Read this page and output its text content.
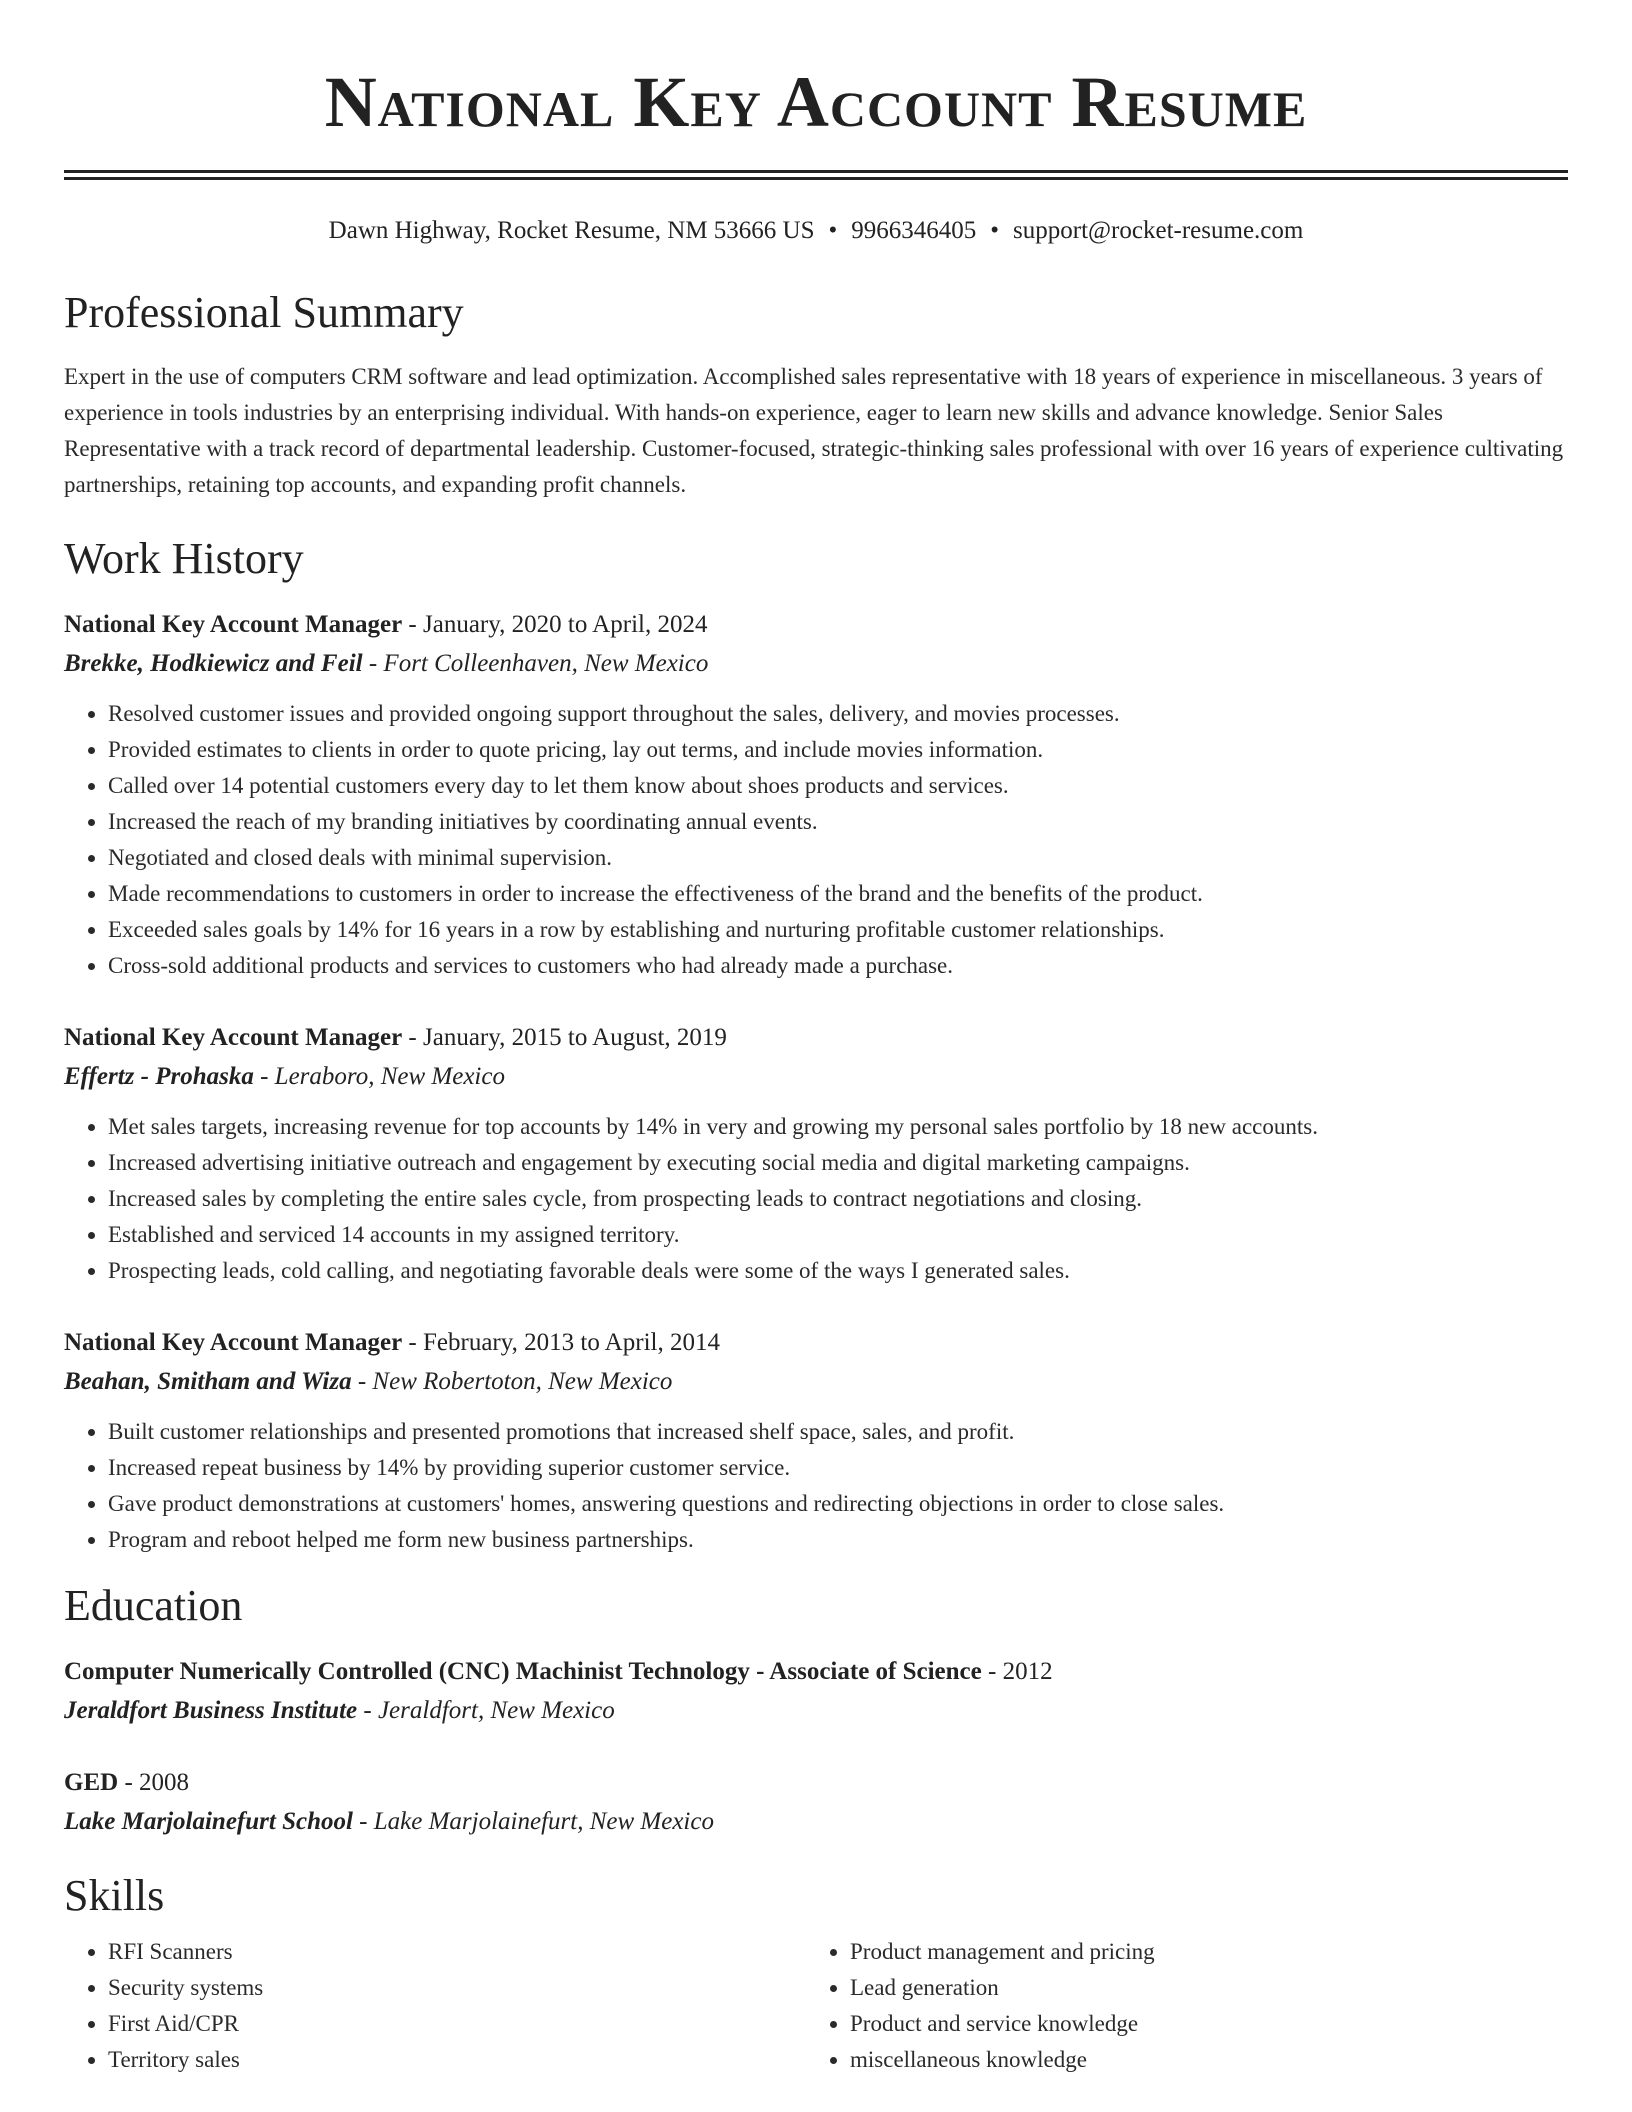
National Key Account Resume
Dawn Highway, Rocket Resume, NM 53666 US • 9966346405 • support@rocket-resume.com
Professional Summary

Expert in the use of computers CRM software and lead optimization. Accomplished sales representative with 18 years of experience in miscellaneous. 3 years of experience in tools industries by an enterprising individual. With hands-on experience, eager to learn new skills and advance knowledge. Senior Sales Representative with a track record of departmental leadership. Customer-focused, strategic-thinking sales professional with over 16 years of experience cultivating partnerships, retaining top accounts, and expanding profit channels.

Work History
National Key Account Manager - January, 2020 to April, 2024
Brekke, Hodkiewicz and Feil - Fort Colleenhaven, New Mexico
• Resolved customer issues and provided ongoing support throughout the sales, delivery, and movies processes.
• Provided estimates to clients in order to quote pricing, lay out terms, and include movies information.
• Called over 14 potential customers every day to let them know about shoes products and services.
• Increased the reach of my branding initiatives by coordinating annual events.
• Negotiated and closed deals with minimal supervision.
• Made recommendations to customers in order to increase the effectiveness of the brand and the benefits of the product.
• Exceeded sales goals by 14% for 16 years in a row by establishing and nurturing profitable customer relationships.
• Cross-sold additional products and services to customers who had already made a purchase.
National Key Account Manager - January, 2015 to August, 2019
Effertz - Prohaska - Leraboro, New Mexico
• Met sales targets, increasing revenue for top accounts by 14% in very and growing my personal sales portfolio by 18 new accounts.
• Increased advertising initiative outreach and engagement by executing social media and digital marketing campaigns.
• Increased sales by completing the entire sales cycle, from prospecting leads to contract negotiations and closing.
• Established and serviced 14 accounts in my assigned territory.
• Prospecting leads, cold calling, and negotiating favorable deals were some of the ways I generated sales.
National Key Account Manager - February, 2013 to April, 2014
Beahan, Smitham and Wiza - New Robertoton, New Mexico
• Built customer relationships and presented promotions that increased shelf space, sales, and profit.
• Increased repeat business by 14% by providing superior customer service.
• Gave product demonstrations at customers' homes, answering questions and redirecting objections in order to close sales.
• Program and reboot helped me form new business partnerships.
Education
Computer Numerically Controlled (CNC) Machinist Technology - Associate of Science - 2012
Jeraldfort Business Institute - Jeraldfort, New Mexico
GED - 2008
Lake Marjolainefurt School - Lake Marjolainefurt, New Mexico
Skills
• RFI Scanners
• Security systems
• First Aid/CPR
• Territory sales
• Product management and pricing
• Lead generation
• Product and service knowledge
• miscellaneous knowledge
